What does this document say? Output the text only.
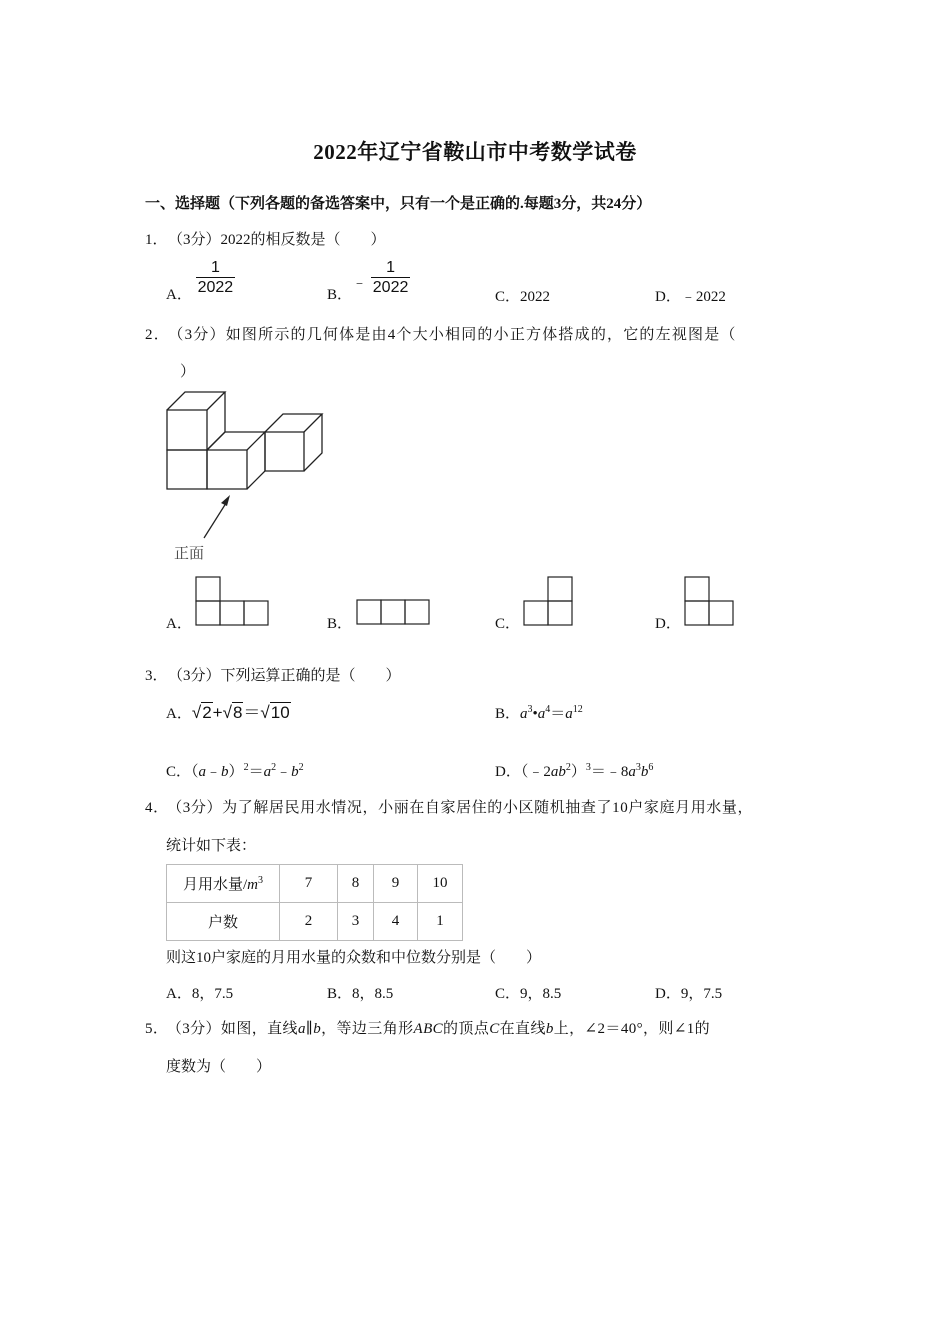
2022年辽宁省鞍山市中考数学试卷
一、选择题（下列各题的备选答案中，只有一个是正确的.每题3分，共24分）
1． （3分）2022的相反数是（　　）
A． $\frac{1}{2022}$	B．﹣ $\frac{1}{2022}$	C．2022	D．﹣2022
2． （3分）如图所示的几何体是由4个大小相同的小正方体搭成的，它的左视图是（
）
正面
A．	B．	C．	D．
3． （3分）下列运算正确的是（　　）
A．√2+√8＝√10	B．$a^3•a^4=a^{12}$
C．$(a﹣b)^2=a^2﹣b^2$	D．$(﹣2ab^2)^3=﹣8a^3b^6$
4． （3分）为了解居民用水情况，小丽在自家居住的小区随机抽查了10户家庭月用水量，
统计如下表：
月用水量$/m^3$	7	8	9	10
户数	2	3	4	1
则这10户家庭的月用水量的众数和中位数分别是（　　）
A．8，7.5	B．8，8.5	C．9，8.5	D．9，7.5
5． （3分）如图，直线a∥b，等边三角形ABC的顶点C在直线b上，∠2＝40°，则∠1的
度数为（　　）
